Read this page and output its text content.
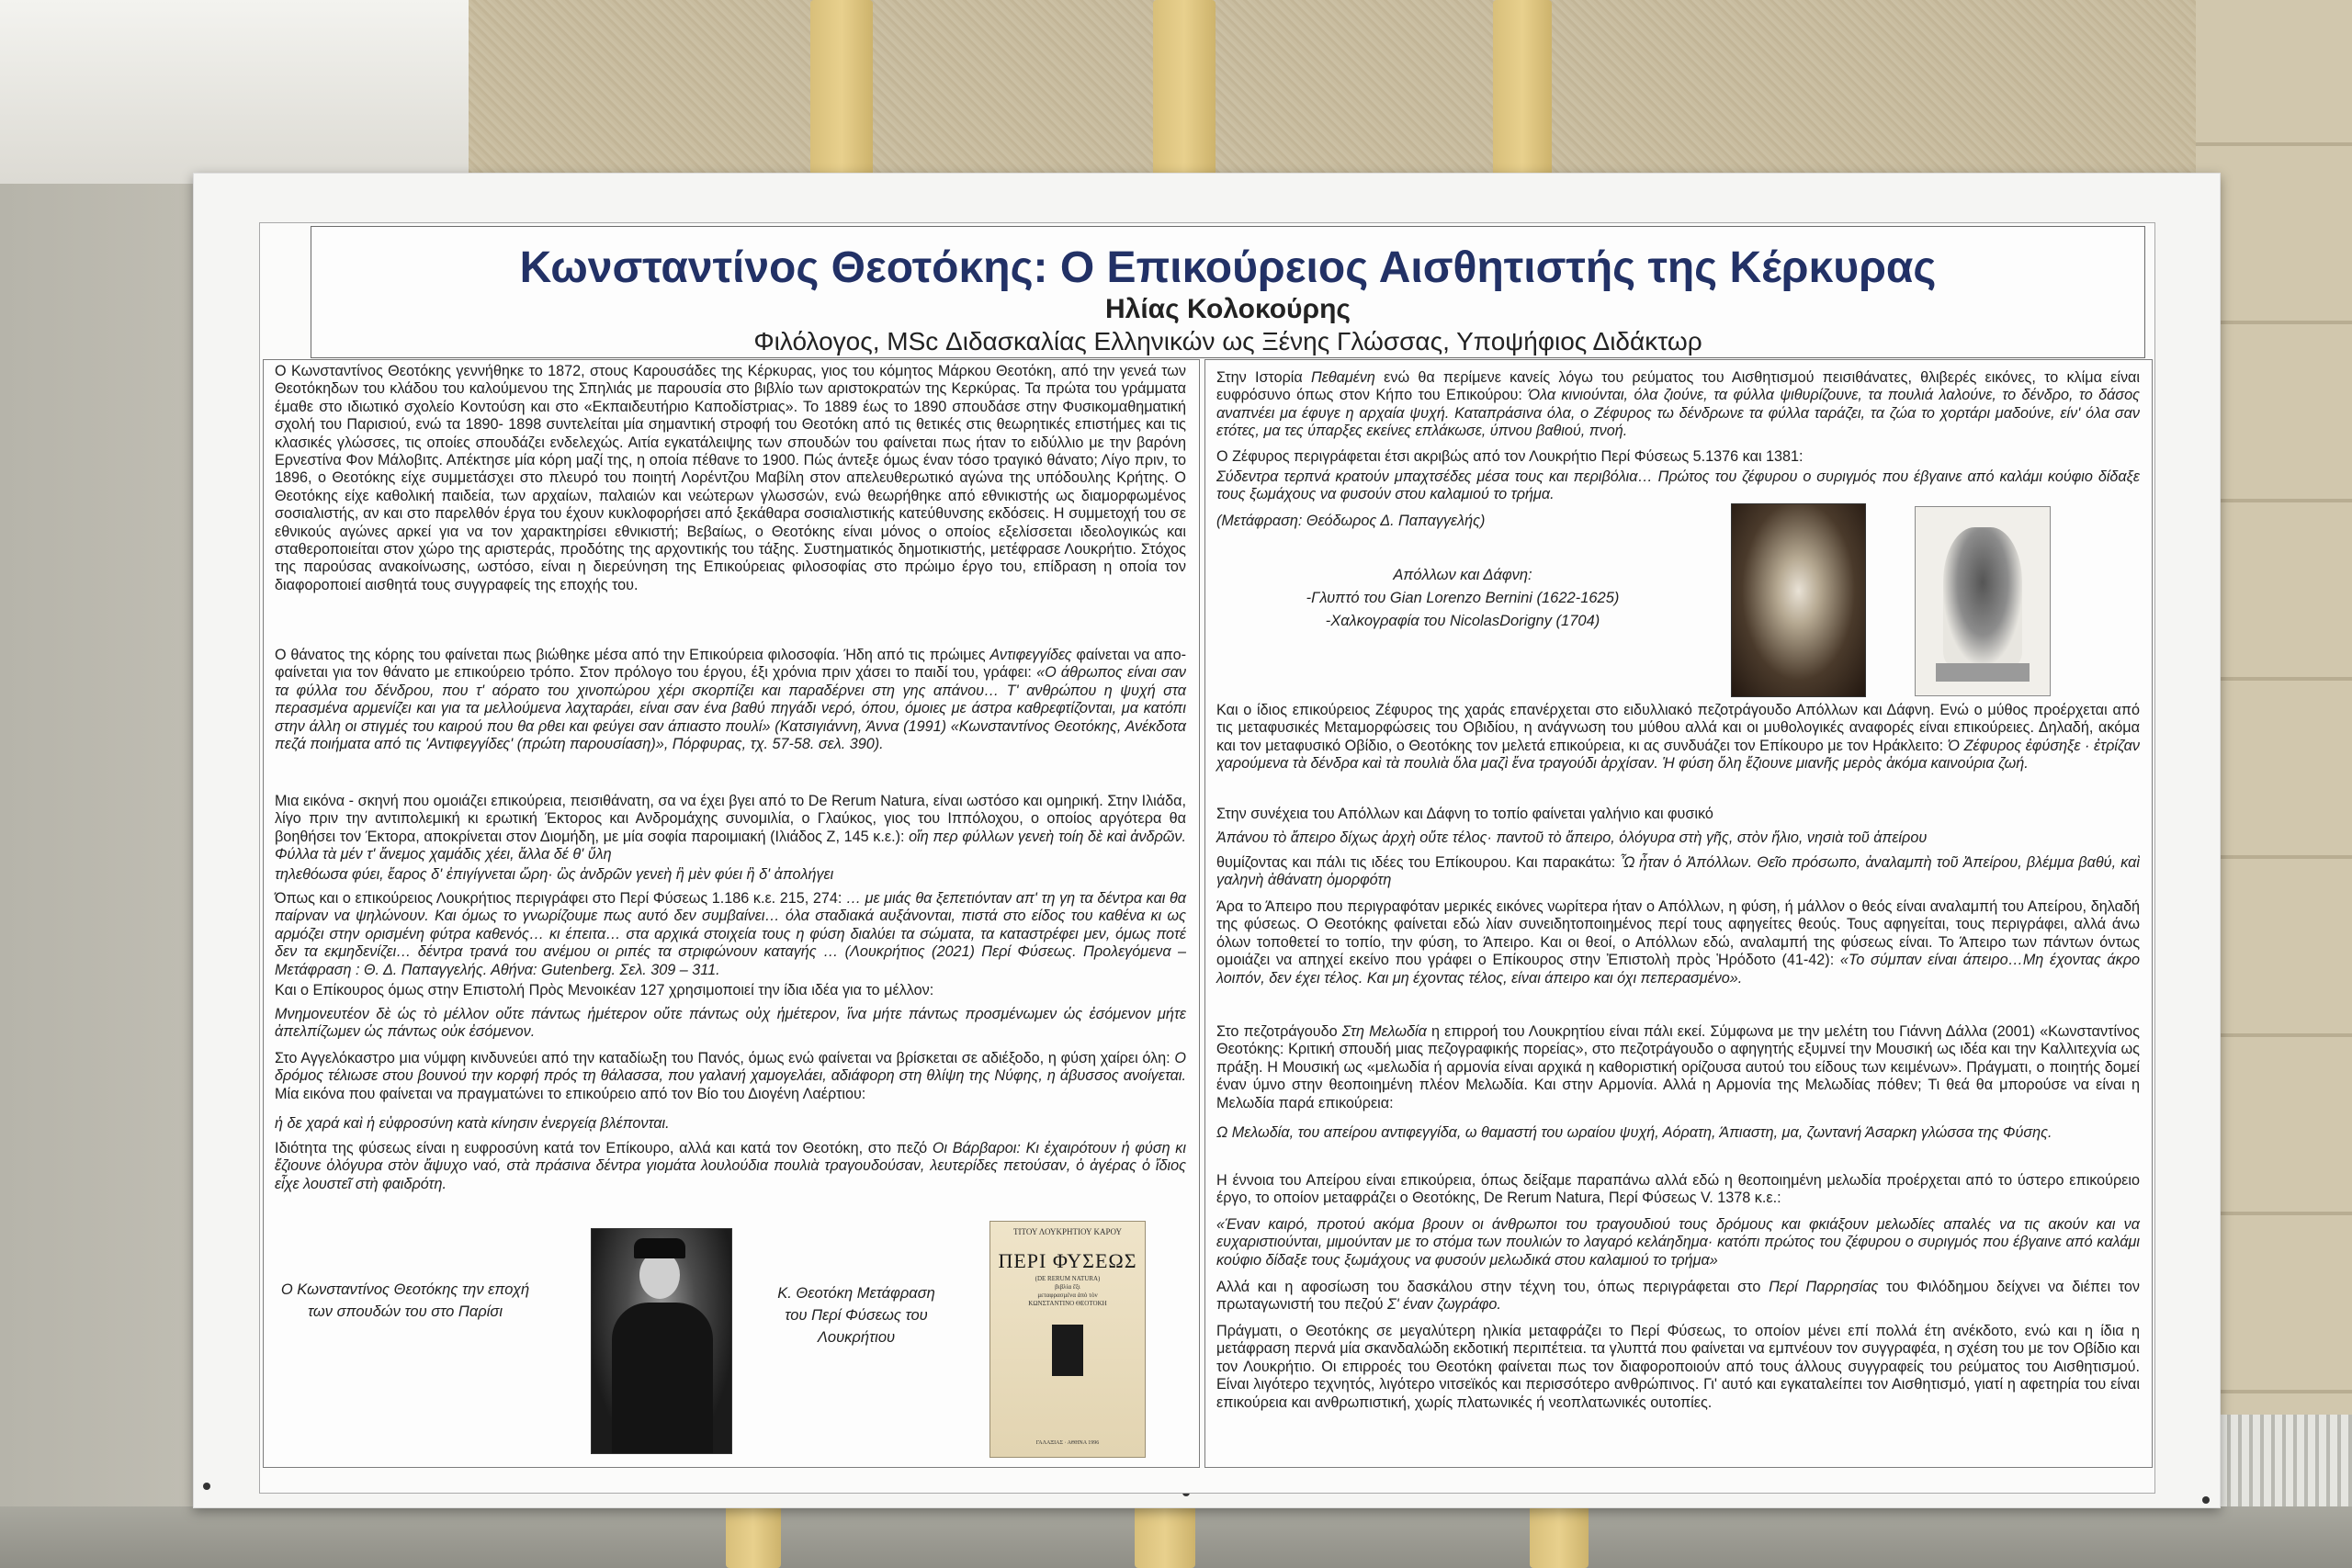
Κωνσταντίνος Θεοτόκης: Ο Επικούρειος Αισθητιστής της Κέρκυρας
Ηλίας Κολοκούρης
Φιλόλογος, MSc Διδασκαλίας Ελληνικών ως Ξένης Γλώσσας, Υποψήφιος Διδάκτωρ

Ο Κωνσταντίνος Θεοτόκης γεννήθηκε το 1872, στους Καρουσάδες της Κέρκυρας, γιος του κόμητος Μάρκου Θεοτόκη, από την γενεά των Θεοτόκηδων του κλάδου του καλούμενου της Σπηλιάς με παρουσία στο βιβλίο των αριστοκρατών της Κερκύρας. Τα πρώτα του γράμματα έμαθε στο ιδιωτικό σχολείο Κοντούση και στο «Εκπαιδευτήριο Καποδίστριας». Το 1889 έως το 1890 σπουδάσε στην Φυσικομαθηματική σχολή του Παρισιού, ενώ τα 1890- 1898 συντελείται μία σημαντική στροφή του Θεοτόκη από τις θετικές στις θεωρητικές επιστήμες και τις κλασικές γλώσσες, τις οποίες σπουδάζει ενδελεχώς. Αιτία εγκατάλειψης των σπουδών του φαίνεται πως ήταν το ειδύλλιο με την βαρόνη Ερνεστίνα Φον Μάλοβιτς. Απέκτησε μία κόρη μαζί της, η οποία πέθανε το 1900. Πώς άντεξε όμως έναν τόσο τραγικό θάνατο; Λίγο πριν, το 1896, ο Θεοτόκης είχε συμμετάσχει στο πλευρό του ποιητή Λορέντζου Μαβίλη στον απελευθερωτικό αγώνα της υπόδουλης Κρήτης. Ο Θεοτόκης είχε καθολική παιδεία, των αρχαίων, παλαιών και νεώτερων γλωσσών, ενώ θεωρήθηκε από εθνικιστής ως διαμορφωμένος σοσιαλιστής, αν και στο παρελθόν έργα του έχουν κυκλοφορήσει από ξεκάθαρα σοσιαλιστικής κατεύθυνσης εκδόσεις. Η συμμετοχή του σε εθνικούς αγώνες αρκεί για να τον χαρακτηρίσει εθνικιστή; Βεβαίως, ο Θεοτόκης είναι μόνος ο οποίος εξελίσσεται ιδεολογικώς και σταθεροποιείται στον χώρο της αριστεράς, προδότης της αρχοντικής του τάξης. Συστηματικός δημοτικιστής, μετέφρασε Λουκρήτιο. Στόχος της παρούσας ανακοίνωσης, ωστόσο, είναι η διερεύνηση της Επικούρειας φιλοσοφίας στο πρώιμο έργο του, επίδραση η οποία τον διαφοροποιεί αισθητά τους συγγραφείς της εποχής του.

Ο θάνατος της κόρης του φαίνεται πως βιώθηκε μέσα από την Επικούρεια φιλοσοφία. Ήδη από τις πρώιμες Αντιφεγγίδες φαίνεται να αποφαίνεται για τον θάνατο με επικούρειο τρόπο. Στον πρόλογο του έργου, έξι χρόνια πριν χάσει το παιδί του, γράφει: «Ο άθρωπος είναι σαν τα φύλλα του δένδρου, που τ' αόρατο του χινοπώρου χέρι σκορπίζει και παραδέρνει στη γης απάνου… Τ' ανθρώπου η ψυχή στα περασμένα αρμενίζει και για τα μελλούμενα λαχταράει, είναι σαν ένα βαθύ πηγάδι νερό, όπου, όμοιες με άστρα καθρεφτίζονται, μα κατόπι στην άλλη οι στιγμές του καιρού που θα ρθει και φεύγει σαν άπιαστο πουλί» (Κατσιγιάννη, Άννα (1991) «Κωνσταντίνος Θεοτόκης, Ανέκδοτα πεζά ποιήματα από τις 'Αντιφεγγίδες' (πρώτη παρουσίαση)», Πόρφυρας, τχ. 57-58. σελ. 390).

Μια εικόνα - σκηνή που ομοιάζει επικούρεια, πεισιθάνατη, σα να έχει βγει από το De Rerum Natura, είναι ωστόσο και ομηρική. Στην Ιλιάδα, λίγο πριν την αντιπολεμική κι ερωτική Έκτορος και Ανδρομάχης συνομιλία, ο Γλαύκος, γιος του Ιππόλοχου, ο οποίος αργότερα θα βοηθήσει τον Έκτορα, αποκρίνεται στον Διομήδη, με μία σοφία παροιμιακή (Ιλιάδος Ζ, 145 κ.ε.): οἵη περ φύλλων γενεὴ τοίη δὲ καὶ ἀνδρῶν. Φύλλα τὰ μέν τ' ἄνεμος χαμάδις χέει, ἄλλα δέ θ' ὕλη

τηλεθόωσα φύει, ἔαρος δ' ἐπιγίγνεται ὥρη· ὣς ἀνδρῶν γενεὴ ἣ μὲν φύει ἣ δ' ἀπολήγει

Όπως και ο επικούρειος Λουκρήτιος περιγράφει στο Περί Φύσεως 1.186 κ.ε. 215, 274: … με μιάς θα ξεπετιόνταν απ' τη γη τα δέντρα και θα παίρναν να ψηλώνουν. Και όμως το γνωρίζουμε πως αυτό δεν συμβαίνει… όλα σταδιακά αυξάνονται, πιστά στο είδος του καθένα κι ως αρμόζει στην ορισμένη φύτρα καθενός… κι έπειτα… στα αρχικά στοιχεία τους η φύση διαλύει τα σώματα, τα καταστρέφει μεν, όμως ποτέ δεν τα εκμηδενίζει… δέντρα τρανά του ανέμου οι ριπές τα στριφώνουν καταγής … (Λουκρήτιος (2021) Περί Φύσεως. Προλεγόμενα – Μετάφραση : Θ. Δ. Παπαγγελής. Αθήνα: Gutenberg. Σελ. 309 – 311.

Και ο Επίκουρος όμως στην Επιστολή Πρὸς Μενοικέαν 127 χρησιμοποιεί την ίδια ιδέα για το μέλλον:

Μνημονευτέον δὲ ὡς τὸ μέλλον οὔτε πάντως ἡμέτερον οὔτε πάντως οὐχ ἡμέτερον, ἵνα μήτε πάντως προσμένωμεν ὡς ἐσόμενον μήτε ἀπελπίζωμεν ὡς πάντως οὐκ ἐσόμενον.

Στο Αγγελόκαστρο μια νύμφη κινδυνεύει από την καταδίωξη του Πανός, όμως ενώ φαίνεται να βρίσκεται σε αδιέξοδο, η φύση χαίρει όλη: Ο δρόμος τέλιωσε στου βουνού την κορφή πρός τη θάλασσα, που γαλανή χαμογελάει, αδιάφορη στη θλίψη της Νύφης, η άβυσσος ανοίγεται. Μία εικόνα που φαίνεται να πραγματώνει το επικούρειο από τον Βίο του Διογένη Λαέρτιου:

ἡ δε χαρά καὶ ἡ εὐφροσύνη κατὰ κίνησιν ἐνεργείᾳ βλέπονται.

Ιδιότητα της φύσεως είναι η ευφροσύνη κατά τον Επίκουρο, αλλά και κατά τον Θεοτόκη, στο πεζό Οι Βάρβαροι: Κι ἐχαιρότουν ἡ φύση κι ἔζιουνε ὁλόγυρα στὸν ἄψυχο ναό, στὰ πράσινα δέντρα γιομάτα λουλούδια πουλιὰ τραγουδούσαν, λευτερίδες πετούσαν, ὁ ἀγέρας ὁ ἴδιος εἶχε λουστεῖ στὴ φαιδρότη.

Ο Κωνσταντίνος Θεοτόκης την εποχή των σπουδών του στο Παρίσι
Κ. Θεοτόκη Μετάφραση του Περί Φύσεως του Λουκρήτιου
ΤΙΤΟΥ ΛΟΥΚΡΗΤΙΟΥ ΚΑΡΟΥ
ΠΕΡΙ ΦΥΣΕΩΣ
(DE RERUM NATURA)
βιβλία ἕξι
μεταφρασμένα ἀπὸ τὸν
ΚΩΝΣΤΑΝΤΙΝΟ ΘΕΟΤΟΚΗ
ΓΑΛΑΞΙΑΣ · ΑΘΗΝΑ 1996

Στην Ιστορία Πεθαμένη ενώ θα περίμενε κανείς λόγω του ρεύματος του Αισθητισμού πεισιθάνατες, θλιβερές εικόνες, το κλίμα είναι ευφρόσυνο όπως στον Κήπο του Επικούρου: Όλα κινιούνται, όλα ζιούνε, τα φύλλα ψιθυρίζουνε, τα πουλιά λαλούνε, το δένδρο, το δάσος αναπνέει μα έφυγε η αρχαία ψυχή. Καταπράσινα όλα, ο Ζέφυρος τω δένδρωνε τα φύλλα ταράζει, τα ζώα το χορτάρι μαδούνε, είν' όλα σαν ετότες, μα τες ύπαρξες εκείνες επλάκωσε, ύπνου βαθιού, πνοή.

Ο Ζέφυρος περιγράφεται έτσι ακριβώς από τον Λουκρήτιο Περί Φύσεως 5.1376 και 1381:

Σύδεντρα τερπνά κρατούν μπαχτσέδες μέσα τους και περιβόλια… Πρώτος του ζέφυρου ο συριγμός που έβγαινε από καλάμι κούφιο δίδαξε τους ξωμάχους να φυσούν στου καλαμιού το τρήμα.

(Μετάφραση: Θεόδωρος Δ. Παπαγγελής)

Απόλλων και Δάφνη:
-Γλυπτό του Gian Lorenzo Bernini (1622-1625)
-Χαλκογραφία του NicolasDorigny (1704)

Και ο ίδιος επικούρειος Ζέφυρος της χαράς επανέρχεται στο ειδυλλιακό πεζοτράγουδο Απόλλων και Δάφνη. Ενώ ο μύθος προέρχεται από τις μεταφυσικές Μεταμορφώσεις του Οβιδίου, η ανάγνωση του μύθου αλλά και οι μυθολογικές αναφορές είναι επικούρειες. Δηλαδή, ακόμα και τον μεταφυσικό Οβίδιο, ο Θεοτόκης τον μελετά επικούρεια, κι ας συνδυάζει τον Επίκουρο με τον Ηράκλειτο: Ὁ Ζέφυρος ἐφύσηξε · ἐτρίζαν χαρούμενα τὰ δένδρα καὶ τὰ πουλιὰ ὅλα μαζὶ ἔνα τραγούδι ἀρχίσαν. Ἡ φύση ὅλη ἔζιουνε μιανῆς μερὸς ἀκόμα καινούρια ζωή.

Στην συνέχεια του Απόλλων και Δάφνη το τοπίο φαίνεται γαλήνιο και φυσικό

Ἀπάνου τὸ ἄπειρο δίχως ἀρχὴ οὔτε τέλος· παντοῦ τὸ ἄπειρο, ὁλόγυρα στὴ γῆς, στὸν ἥλιο, νησιὰ τοῦ ἀπείρου

θυμίζοντας και πάλι τις ιδέες του Επίκουρου. Και παρακάτω: Ὦ ἦταν ὁ Ἀπόλλων. Θεῖο πρόσωπο, ἀναλαμπὴ τοῦ Ἀπείρου, βλέμμα βαθύ, καὶ γαληνὴ ἀθάνατη ὀμορφότη

Άρα το Άπειρο που περιγραφόταν μερικές εικόνες νωρίτερα ήταν ο Απόλλων, η φύση, ή μάλλον ο θεός είναι αναλαμπή του Απείρου, δηλαδή της φύσεως. Ο Θεοτόκης φαίνεται εδώ λίαν συνειδητοποιημένος περί τους αφηγείτες θεούς. Τους αφηγείται, τους περιγράφει, αλλά άνω όλων τοποθετεί το τοπίο, την φύση, το Άπειρο. Και οι θεοί, ο Απόλλων εδώ, αναλαμπή της φύσεως είναι. Το Άπειρο των πάντων όντως ομοιάζει να απηχεί εκείνο που γράφει ο Επίκουρος στην Ἐπιστολὴ πρὸς Ἡρόδοτο (41-42): «Το σύμπαν είναι άπειρο…Μη έχοντας άκρο λοιπόν, δεν έχει τέλος. Και μη έχοντας τέλος, είναι άπειρο και όχι πεπερασμένο».

Στο πεζοτράγουδο Στη Μελωδία η επιρροή του Λουκρητίου είναι πάλι εκεί. Σύμφωνα με την μελέτη του Γιάννη Δάλλα (2001) «Κωνσταντίνος Θεοτόκης: Κριτική σπουδή μιας πεζογραφικής πορείας», στο πεζοτράγουδο ο αφηγητής εξυμνεί την Μουσική ως ιδέα και την Καλλιτεχνία ως πράξη. Η Μουσική ως «μελωδία ή αρμονία είναι αρχικά η καθοριστική ορίζουσα αυτού του είδους των κειμένων». Πράγματι, ο ποιητής δομεί έναν ύμνο στην θεοποιημένη πλέον Μελωδία. Και στην Αρμονία. Αλλά η Αρμονία της Μελωδίας πόθεν; Τι θεά θα μπορούσε να είναι η Μελωδία παρά επικούρεια:

Ω Μελωδία, του απείρου αντιφεγγίδα, ω θαμαστή του ωραίου ψυχή, Αόρατη, Άπιαστη, μα, ζωντανή Άσαρκη γλώσσα της Φύσης.

Η έννοια του Απείρου είναι επικούρεια, όπως δείξαμε παραπάνω αλλά εδώ η θεοποιημένη μελωδία προέρχεται από το ύστερο επικούρειο έργο, το οποίον μεταφράζει ο Θεοτόκης, De Rerum Natura, Περί Φύσεως V. 1378 κ.ε.:

«Έναν καιρό, προτού ακόμα βρουν οι άνθρωποι του τραγουδιού τους δρόμους και φκιάξουν μελωδίες απαλές να τις ακούν και να ευχαριστιούνται, μιμούνταν με το στόμα των πουλιών το λαγαρό κελάηδημα· κατόπι πρώτος του ζέφυρου ο συριγμός που έβγαινε από καλάμι κούφιο δίδαξε τους ξωμάχους να φυσούν μελωδικά στου καλαμιού το τρήμα»

Αλλά και η αφοσίωση του δασκάλου στην τέχνη του, όπως περιγράφεται στο Περί Παρρησίας του Φιλόδημου δείχνει να διέπει τον πρωταγωνιστή του πεζού Σ' έναν ζωγράφο.

Πράγματι, ο Θεοτόκης σε μεγαλύτερη ηλικία μεταφράζει το Περί Φύσεως, το οποίον μένει επί πολλά έτη ανέκδοτο, ενώ και η ίδια η μετάφραση περνά μία σκανδαλώδη εκδοτική περιπέτεια. τα γλυπτά που φαίνεται να εμπνέουν τον συγγραφέα, η σχέση του με τον Οβίδιο και τον Λουκρήτιο. Οι επιρροές του Θεοτόκη φαίνεται πως τον διαφοροποιούν από τους άλλους συγγραφείς του ρεύματος του Αισθητισμού. Είναι λιγότερο τεχνητός, λιγότερο νιτσεϊκός και περισσότερο ανθρώπινος. Γι' αυτό και εγκαταλείπει τον Αισθητισμό, γιατί η αφετηρία του είναι επικούρεια και ανθρωπιστική, χωρίς πλατωνικές ή νεοπλατωνικές ουτοπίες.
